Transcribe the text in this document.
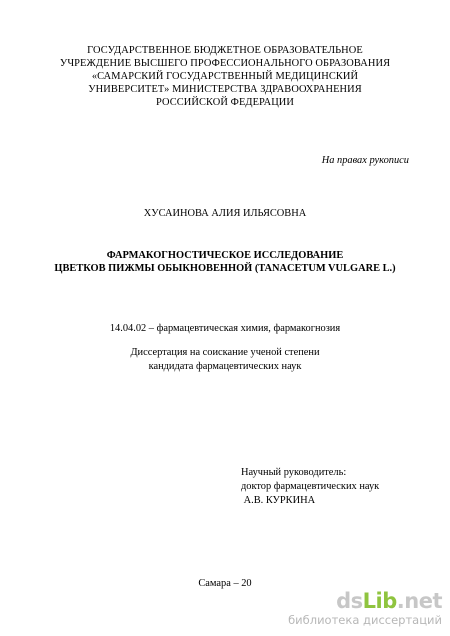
ГОСУДАРСТВЕННОЕ БЮДЖЕТНОЕ ОБРАЗОВАТЕЛЬНОЕ
УЧРЕЖДЕНИЕ ВЫСШЕГО ПРОФЕССИОНАЛЬНОГО ОБРАЗОВАНИЯ
«САМАРСКИЙ ГОСУДАРСТВЕННЫЙ МЕДИЦИНСКИЙ
УНИВЕРСИТЕТ» МИНИСТЕРСТВА ЗДРАВООХРАНЕНИЯ
РОССИЙСКОЙ ФЕДЕРАЦИИ
На правах рукописи
ХУСАИНОВА АЛИЯ ИЛЬЯСОВНА
ФАРМАКОГНОСТИЧЕСКОЕ ИССЛЕДОВАНИЕ
ЦВЕТКОВ ПИЖМЫ ОБЫКНОВЕННОЙ (TANACETUM VULGARE L.)
14.04.02 – фармацевтическая химия, фармакогнозия
Диссертация на соискание ученой степени
кандидата фармацевтических наук
Научный руководитель:
доктор фармацевтических наук
А.В. КУРКИНА
Самара – 20
dsLib.net
библиотека диссертаций
